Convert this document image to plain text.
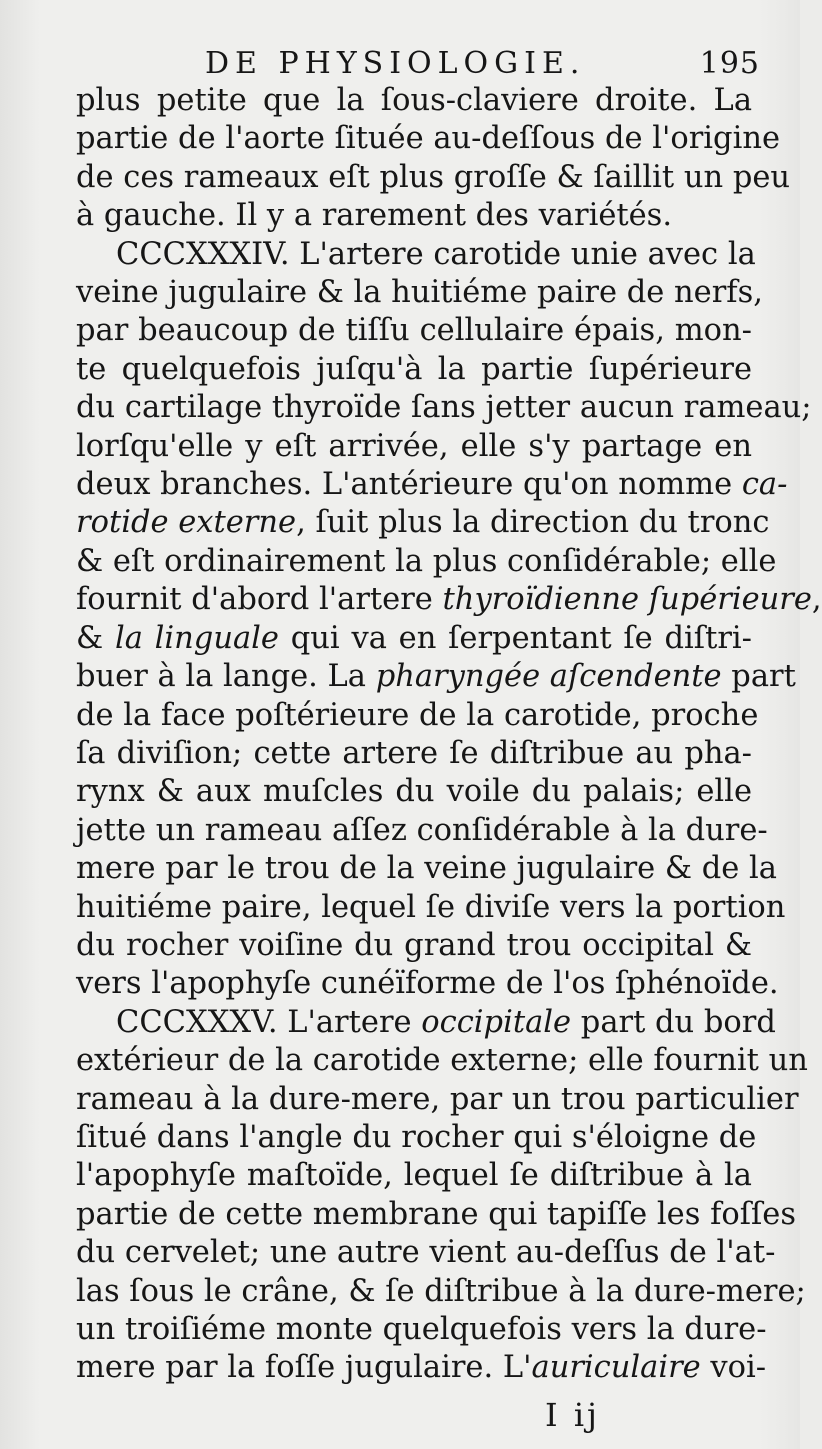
DE PHYSIOLOGIE.	195
plus petite que la ſous-claviere droite. La
partie de l'aorte ſituée au-deſſous de l'origine
de ces rameaux eſt plus groſſe & ſaillit un peu
à gauche. Il y a rarement des variétés.
CCCXXXIV. L'artere carotide unie avec la
veine jugulaire & la huitiéme paire de nerfs,
par beaucoup de tiſſu cellulaire épais, mon-
te quelquefois juſqu'à la partie ſupérieure
du cartilage thyroïde ſans jetter aucun rameau;
lorſqu'elle y eſt arrivée, elle s'y partage en
deux branches. L'antérieure qu'on nomme ca-
rotide externe, ſuit plus la direction du tronc
& eſt ordinairement la plus conſidérable; elle
fournit d'abord l'artere thyroïdienne ſupérieure,
& la linguale qui va en ſerpentant ſe diſtri-
buer à la lange. La pharyngée aſcendente part
de la face poſtérieure de la carotide, proche
ſa diviſion; cette artere ſe diſtribue au pha-
rynx & aux muſcles du voile du palais; elle
jette un rameau aſſez conſidérable à la dure-
mere par le trou de la veine jugulaire & de la
huitiéme paire, lequel ſe diviſe vers la portion
du rocher voiſine du grand trou occipital &
vers l'apophyſe cunéïforme de l'os ſphénoïde.
CCCXXXV. L'artere occipitale part du bord
extérieur de la carotide externe; elle fournit un
rameau à la dure-mere, par un trou particulier
ſitué dans l'angle du rocher qui s'éloigne de
l'apophyſe maſtoïde, lequel ſe diſtribue à la
partie de cette membrane qui tapiſſe les foſſes
du cervelet; une autre vient au-deſſus de l'at-
las ſous le crâne, & ſe diſtribue à la dure-mere;
un troiſiéme monte quelquefois vers la dure-
mere par la foſſe jugulaire. L'auriculaire voi-
I ij
